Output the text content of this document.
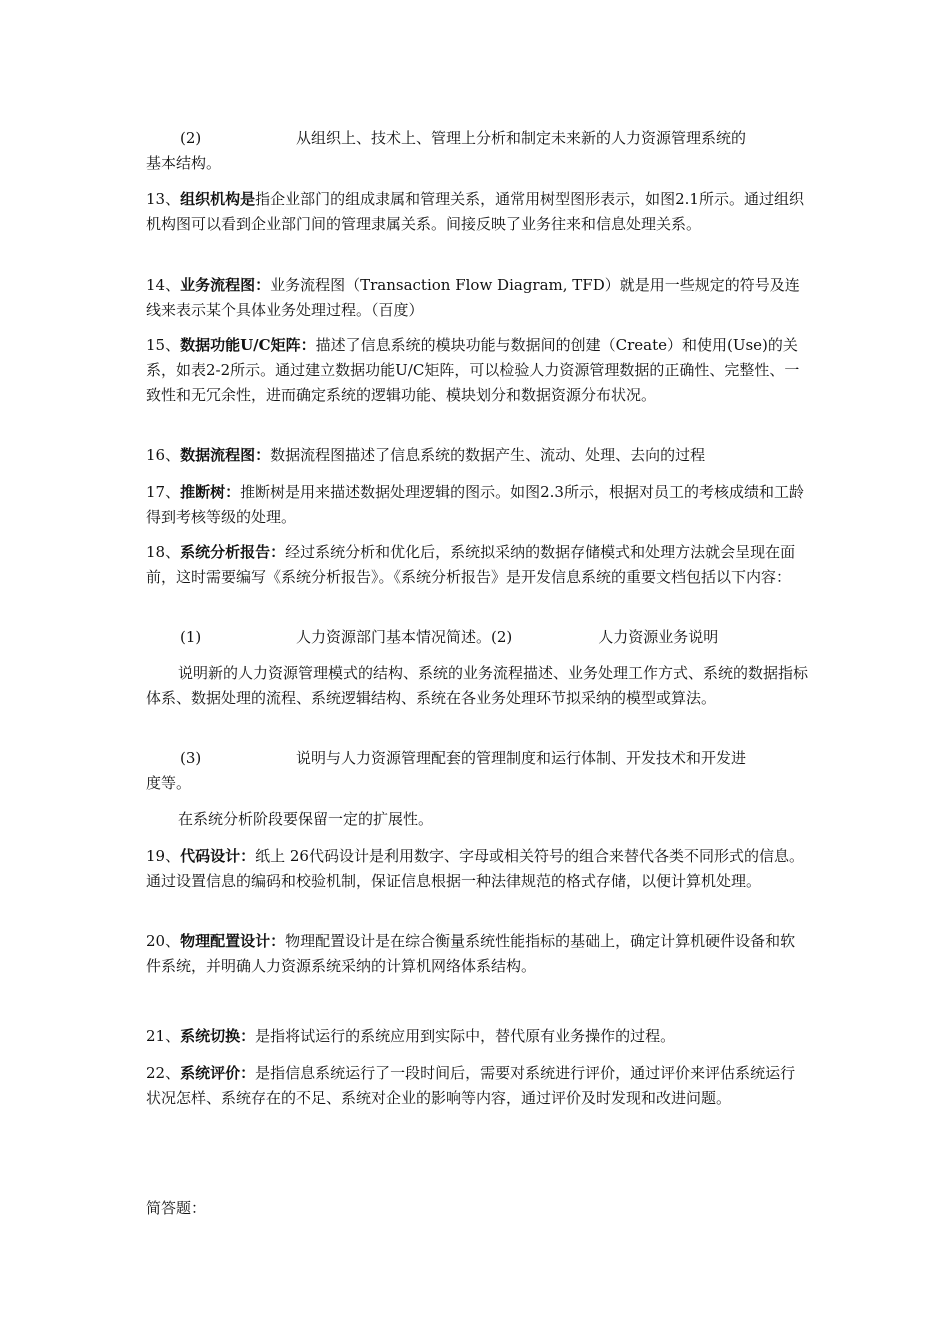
(2)	从组织上、技术上、管理上分析和制定未来新的人力资源管理系统的
基本结构。

13、组织机构是指企业部门的组成隶属和管理关系，通常用树型图形表示，如图2.1所示。通过组织机构图可以看到企业部门间的管理隶属关系。间接反映了业务往来和信息处理关系。

14、业务流程图：业务流程图（Transaction Flow Diagram, TFD）就是用一些规定的符号及连线来表示某个具体业务处理过程。（百度）

15、数据功能U/C矩阵：描述了信息系统的模块功能与数据间的创建（Create）和使用(Use)的关系，如表2-2所示。通过建立数据功能U/C矩阵，可以检验人力资源管理数据的正确性、完整性、一致性和无冗余性，进而确定系统的逻辑功能、模块划分和数据资源分布状况。

16、数据流程图：数据流程图描述了信息系统的数据产生、流动、处理、去向的过程

17、推断树：推断树是用来描述数据处理逻辑的图示。如图2.3所示，根据对员工的考核成绩和工龄得到考核等级的处理。

18、系统分析报告：经过系统分析和优化后，系统拟采纳的数据存储模式和处理方法就会呈现在面前，这时需要编写《系统分析报告》。《系统分析报告》是开发信息系统的重要文档包括以下内容：

(1)	人力资源部门基本情况简述。(2)	人力资源业务说明

说明新的人力资源管理模式的结构、系统的业务流程描述、业务处理工作方式、系统的数据指标体系、数据处理的流程、系统逻辑结构、系统在各业务处理环节拟采纳的模型或算法。

(3)	说明与人力资源管理配套的管理制度和运行体制、开发技术和开发进
度等。

在系统分析阶段要保留一定的扩展性。

19、代码设计：纸上 26代码设计是利用数字、字母或相关符号的组合来替代各类不同形式的信息。通过设置信息的编码和校验机制，保证信息根据一种法律规范的格式存储，以便计算机处理。

20、物理配置设计：物理配置设计是在综合衡量系统性能指标的基础上，确定计算机硬件设备和软件系统，并明确人力资源系统采纳的计算机网络体系结构。

21、系统切换：是指将试运行的系统应用到实际中，替代原有业务操作的过程。

22、系统评价：是指信息系统运行了一段时间后，需要对系统进行评价，通过评价来评估系统运行状况怎样、系统存在的不足、系统对企业的影响等内容，通过评价及时发现和改进问题。

简答题：
